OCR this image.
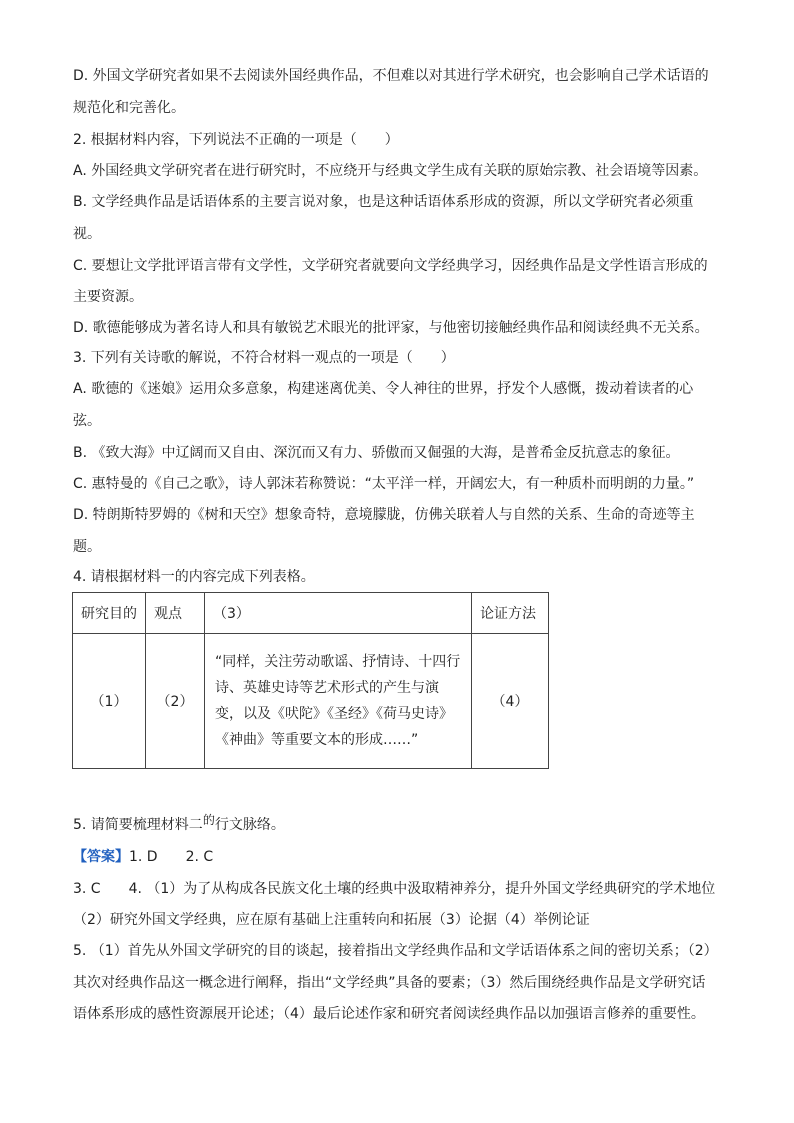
D. 外国文学研究者如果不去阅读外国经典作品，不但难以对其进行学术研究，也会影响自己学术话语的
规范化和完善化。
2. 根据材料内容，下列说法不正确的一项是（　　）
A. 外国经典文学研究者在进行研究时，不应绕开与经典文学生成有关联的原始宗教、社会语境等因素。
B. 文学经典作品是话语体系的主要言说对象，也是这种话语体系形成的资源，所以文学研究者必须重
视。
C. 要想让文学批评语言带有文学性，文学研究者就要向文学经典学习，因经典作品是文学性语言形成的
主要资源。
D. 歌德能够成为著名诗人和具有敏锐艺术眼光的批评家，与他密切接触经典作品和阅读经典不无关系。
3. 下列有关诗歌的解说，不符合材料一观点的一项是（　　）
A. 歌德的《迷娘》运用众多意象，构建迷离优美、令人神往的世界，抒发个人感慨，拨动着读者的心
弦。
B. 《致大海》中辽阔而又自由、深沉而又有力、骄傲而又倔强的大海，是普希金反抗意志的象征。
C. 惠特曼的《自己之歌》，诗人郭沫若称赞说：“太平洋一样，开阔宏大，有一种质朴而明朗的力量。”
D. 特朗斯特罗姆的《树和天空》想象奇特，意境朦胧，仿佛关联着人与自然的关系、生命的奇迹等主
题。
4. 请根据材料一的内容完成下列表格。
研究目的	观点	（3）	论证方法

（1）	（2）	“同样，关注劳动歌谣、抒情诗、十四行诗、英雄史诗等艺术形式的产生与演变，以及《吠陀》《圣经》《荷马史诗》《神曲》等重要文本的形成……”	（4）
5. 请简要梳理材料二的行文脉络。
【答案】1. D　　2. C
3. C　　4. （1）为了从构成各民族文化土壤的经典中汲取精神养分，提升外国文学经典研究的学术地位
（2）研究外国文学经典，应在原有基础上注重转向和拓展（3）论据（4）举例论证
5. （1）首先从外国文学研究的目的谈起，接着指出文学经典作品和文学话语体系之间的密切关系；（2）
其次对经典作品这一概念进行阐释，指出“文学经典”具备的要素；（3）然后围绕经典作品是文学研究话
语体系形成的感性资源展开论述；（4）最后论述作家和研究者阅读经典作品以加强语言修养的重要性。
